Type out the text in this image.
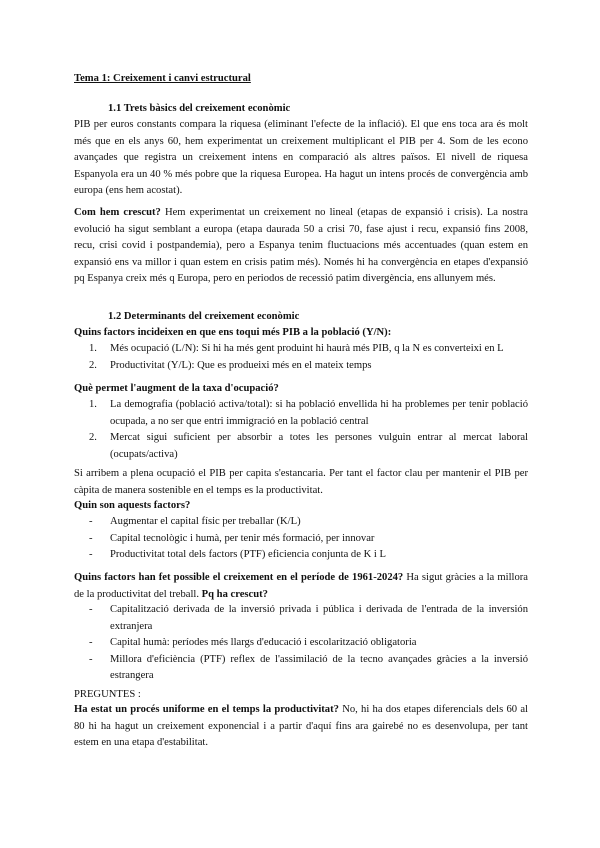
Tema 1: Creixement i canvi estructural

1.1 Trets bàsics del creixement econòmic

PIB per euros constants compara la riquesa (eliminant l'efecte de la inflació). El que ens toca ara és molt més que en els anys 60, hem experimentat un creixement multiplicant el PIB per 4. Som de les econo avançades que registra un creixement intens en comparació als altres països. El nivell de riquesa Espanyola era un 40 % més pobre que la riquesa Europea. Ha hagut un intens procés de convergència amb europa (ens hem acostat).

Com hem crescut? Hem experimentat un creixement no lineal (etapas de expansió i crisis). La nostra evolució ha sigut semblant a europa (etapa daurada 50 a crisi 70, fase ajust i recu, expansió fins 2008, recu, crisi covid i postpandemia), pero a Espanya tenim fluctuacions més accentuades (quan estem en expansió ens va millor i quan estem en crisis patim més). Només hi ha convergència en etapes d'expansió pq Espanya creix més q Europa, pero en periodos de recessió patim divergència, ens allunyem més.

1.2 Determinants del creixement econòmic

Quins factors incideixen en que ens toqui més PIB a la població (Y/N):

1. Més ocupació (L/N): Si hi ha més gent produint hi haurà més PIB, q la N es converteixi en L
2. Productivitat (Y/L): Que es produeixi més en el mateix temps

Què permet l'augment de la taxa d'ocupació?

1. La demografia (població activa/total): si ha població envellida hi ha problemes per tenir població ocupada, a no ser que entri immigració en la població central
2. Mercat sigui suficient per absorbir a totes les persones vulguin entrar al mercat laboral (ocupats/activa)

Si arribem a plena ocupació el PIB per capita s'estancaria. Per tant el factor clau per mantenir el PIB per càpita de manera sostenible en el temps es la productivitat.

Quin son aquests factors?

- Augmentar el capital físic per treballar (K/L)
- Capital tecnològic i humà, per tenir més formació, per innovar
- Productivitat total dels factors (PTF) eficiencia conjunta de K i L

Quins factors han fet possible el creixement en el període de 1961-2024? Ha sigut gràcies a la millora de la productivitat del treball. Pq ha crescut?

- Capitalització derivada de la inversió privada i pública i derivada de l'entrada de la inversión extranjera
- Capital humà: períodes més llargs d'educació i escolarització obligatoria
- Millora d'eficiència (PTF) reflex de l'assimilació de la tecno avançades gràcies a la inversió estrangera

PREGUNTES :

Ha estat un procés uniforme en el temps la productivitat? No, hi ha dos etapes diferencials dels 60 al 80 hi ha hagut un creixement exponencial i a partir d'aquí fins ara gairebé no es desenvolupa, per tant estem en una etapa d'estabilitat.
